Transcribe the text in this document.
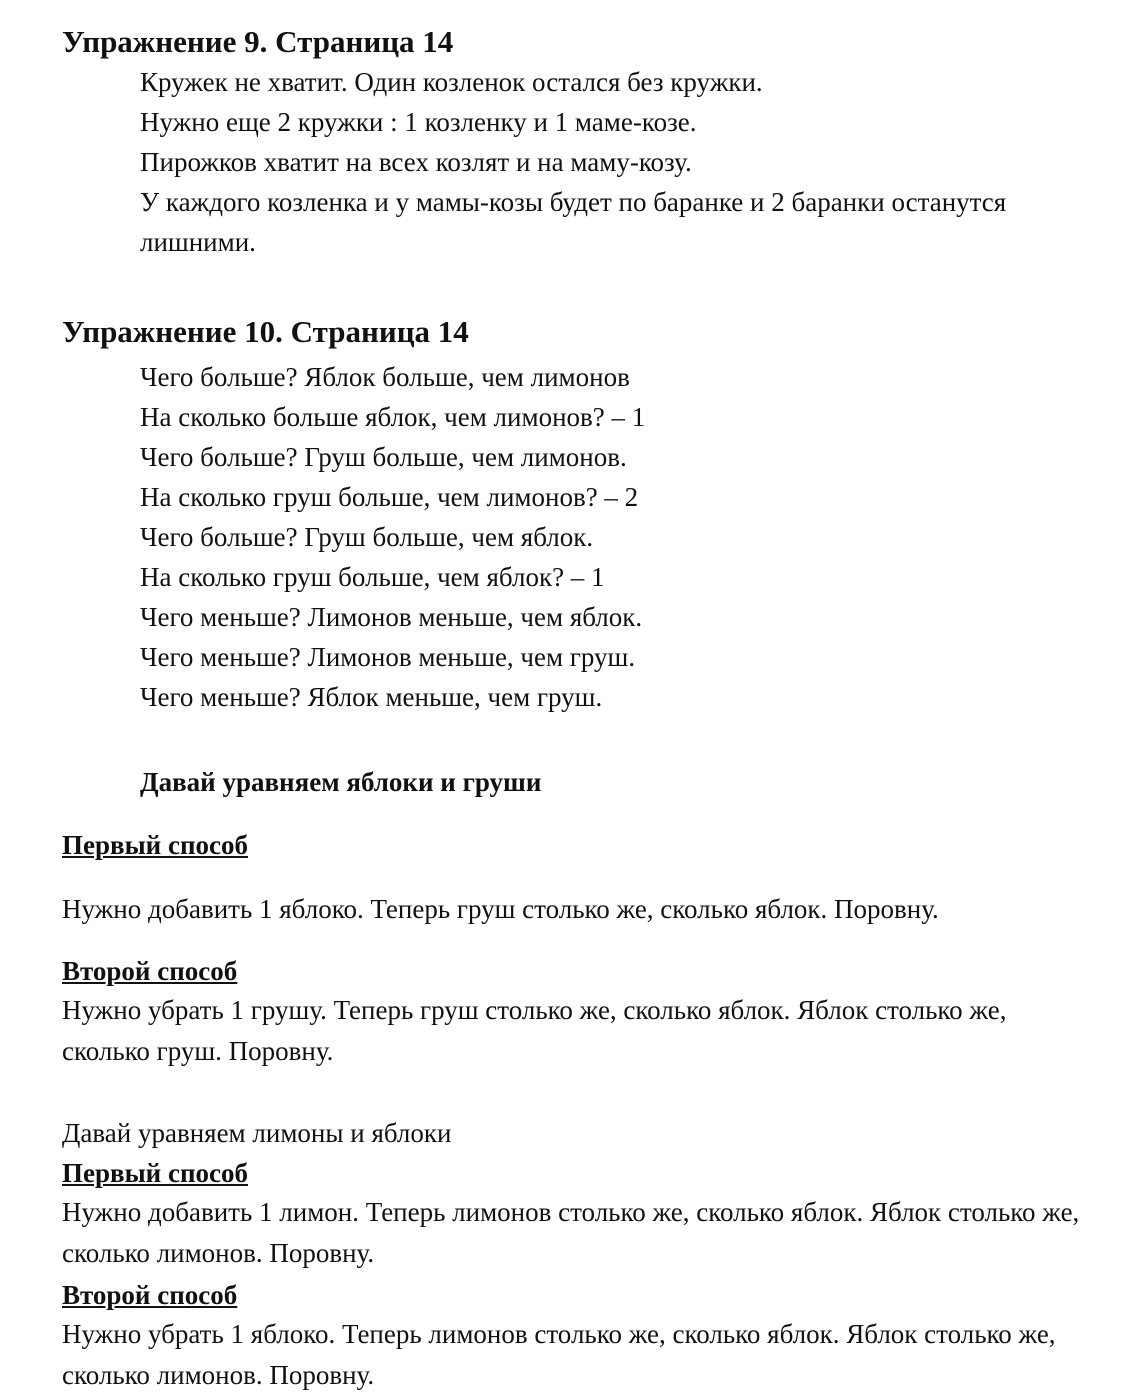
Упражнение 9. Страница 14
Кружек не хватит. Один козленок остался без кружки.
Нужно еще 2 кружки : 1 козленку и 1 маме-козе.
Пирожков хватит на всех козлят и на маму-козу.
У каждого козленка и у мамы-козы будет по баранке и 2 баранки останутся лишними.
Упражнение 10. Страница 14
Чего больше? Яблок больше, чем лимонов
На сколько больше яблок, чем лимонов? – 1
Чего больше? Груш больше, чем лимонов.
На сколько груш больше, чем лимонов? – 2
Чего больше? Груш больше, чем яблок.
На сколько груш больше, чем яблок? – 1
Чего меньше? Лимонов меньше, чем яблок.
Чего меньше? Лимонов меньше, чем груш.
Чего меньше? Яблок меньше, чем груш.
Давай уравняем яблоки и груши
Первый способ

Нужно добавить 1 яблоко. Теперь груш столько же, сколько яблок. Поровну.

Второй способ

Нужно убрать 1 грушу. Теперь груш столько же, сколько яблок. Яблок столько же, сколько груш. Поровну.

Давай уравняем лимоны и яблоки

Первый способ

Нужно добавить 1 лимон. Теперь лимонов столько же, сколько яблок. Яблок столько же, сколько лимонов. Поровну.

Второй способ

Нужно убрать 1 яблоко. Теперь лимонов столько же, сколько яблок. Яблок столько же, сколько лимонов. Поровну.
